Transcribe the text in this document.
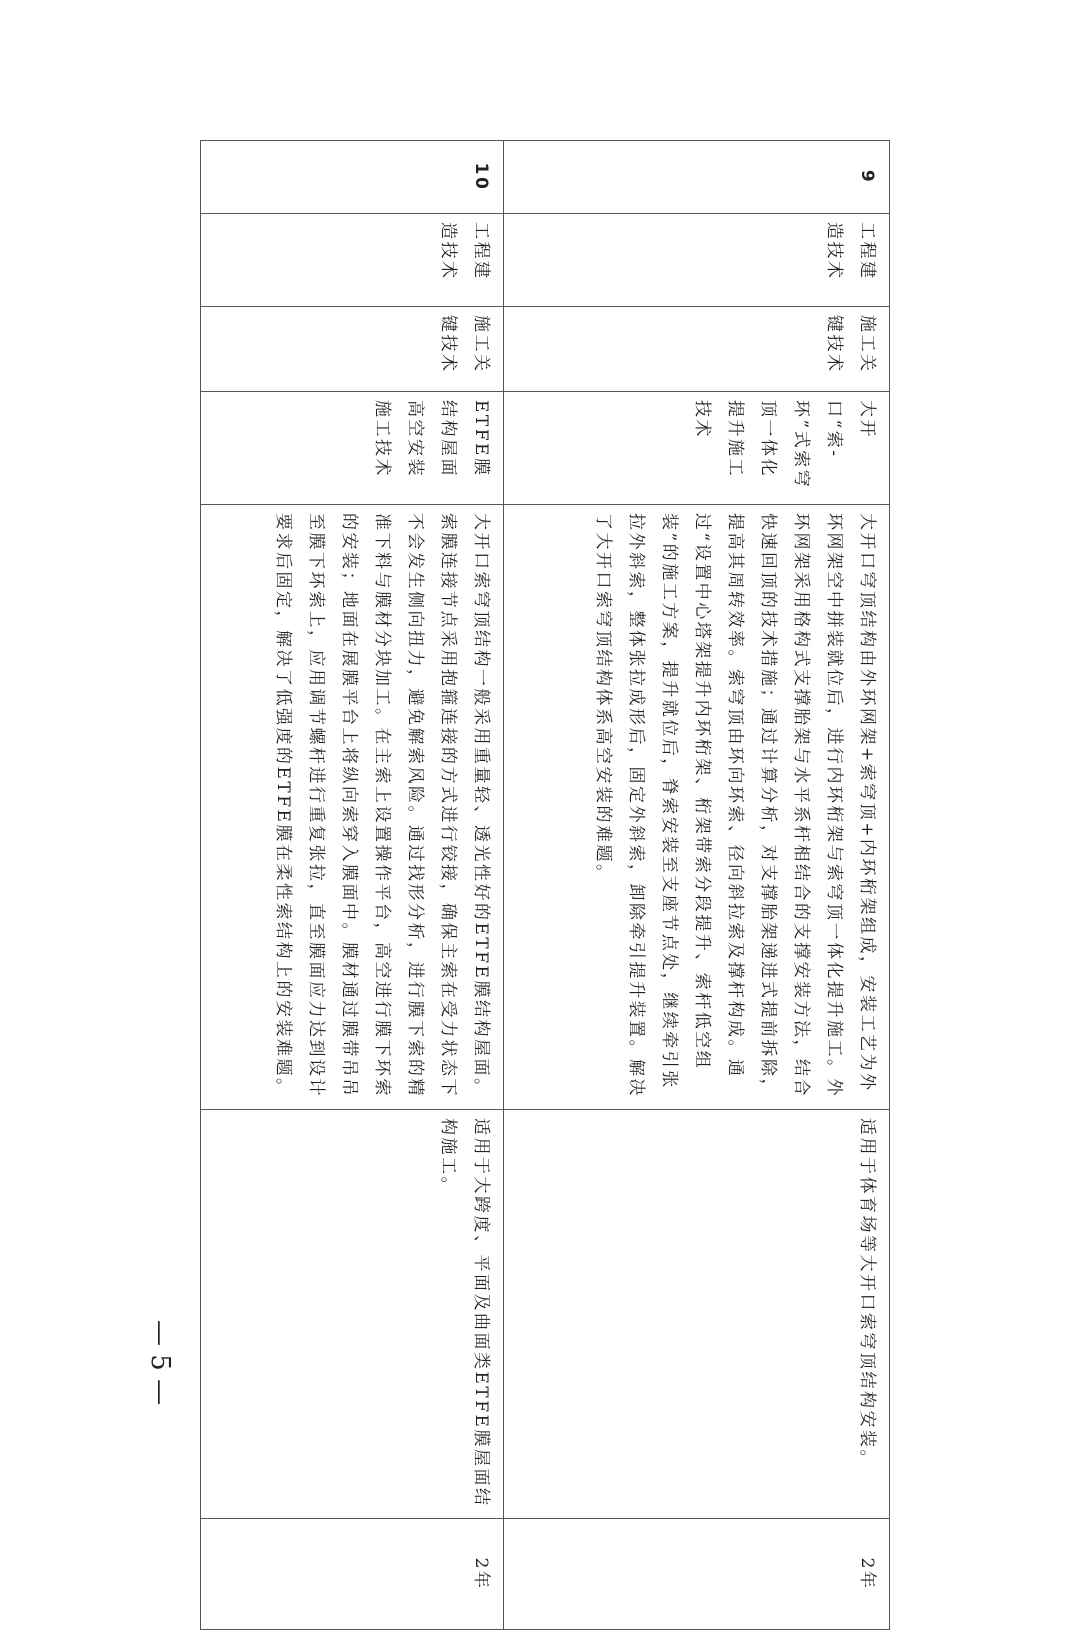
9	工程建造技术	施工关键技术	大开口“索-环”式索穹顶一体化提升施工技术	大开口穹顶结构由外环网架+索穹顶+内环桁架组成，安装工艺为外环网架空中拼装就位后，进行内环桁架与索穹顶一体化提升施工。外环网架采用格构式支撑胎架与水平系杆相结合的支撑安装方法，结合快速回顶的技术措施；通过计算分析，对支撑胎架递进式提前拆除，提高其周转效率。索穹顶由环向环索、径向斜拉索及撑杆构成。通过“设置中心塔架提升内环桁架、桁架带索分段提升、索杆低空组装”的施工方案，提升就位后，脊索安装至支座节点处，继续牵引张拉外斜索，整体张拉成形后，固定外斜索，卸除牵引提升装置。解决了大开口索穹顶结构体系高空安装的难题。	适用于体育场等大开口索穹顶结构安装。	2年
10	工程建造技术	施工关键技术	ETFE膜结构屋面高空安装施工技术	大开口索穹顶结构一般采用重量轻、透光性好的ETFE膜结构屋面。索膜连接节点采用抱箍连接的方式进行铰接，确保主索在受力状态下不会发生侧向扭力，避免解索风险。通过找形分析，进行膜下索的精准下料与膜材分块加工。在主索上设置操作平台，高空进行膜下环索的安装；地面在展膜平台上将纵向索穿入膜面中。膜材通过膜带吊吊至膜下环索上，应用调节螺杆进行重复张拉，直至膜面应力达到设计要求后固定，解决了低强度的ETFE膜在柔性索结构上的安装难题。	适用于大跨度、平面及曲面类ETFE膜屋面结构施工。	2年
— 5 —
